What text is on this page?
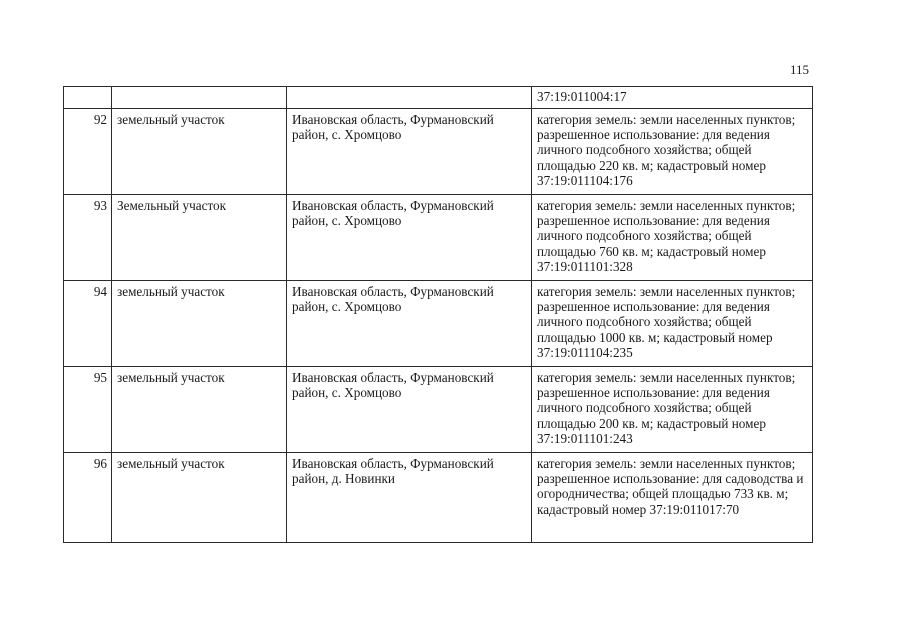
115
			37:19:011004:17
92	земельный участок	Ивановская область, Фурмановский район, с. Хромцово	категория земель: земли населенных пунктов; разрешенное использование: для ведения личного подсобного хозяйства; общей площадью 220 кв. м; кадастровый номер 37:19:011104:176
93	Земельный участок	Ивановская область, Фурмановский район, с. Хромцово	категория земель: земли населенных пунктов; разрешенное использование: для ведения личного подсобного хозяйства; общей площадью 760 кв. м; кадастровый номер 37:19:011101:328
94	земельный участок	Ивановская область, Фурмановский район, с. Хромцово	категория земель: земли населенных пунктов; разрешенное использование: для ведения личного подсобного хозяйства; общей площадью 1000 кв. м; кадастровый номер 37:19:011104:235
95	земельный участок	Ивановская область, Фурмановский район, с. Хромцово	категория земель: земли населенных пунктов; разрешенное использование: для ведения личного подсобного хозяйства; общей площадью 200 кв. м; кадастровый номер 37:19:011101:243
96	земельный участок	Ивановская область, Фурмановский район, д. Новинки	категория земель: земли населенных пунктов; разрешенное использование: для садоводства и огородничества; общей площадью 733 кв. м; кадастровый номер 37:19:011017:70
